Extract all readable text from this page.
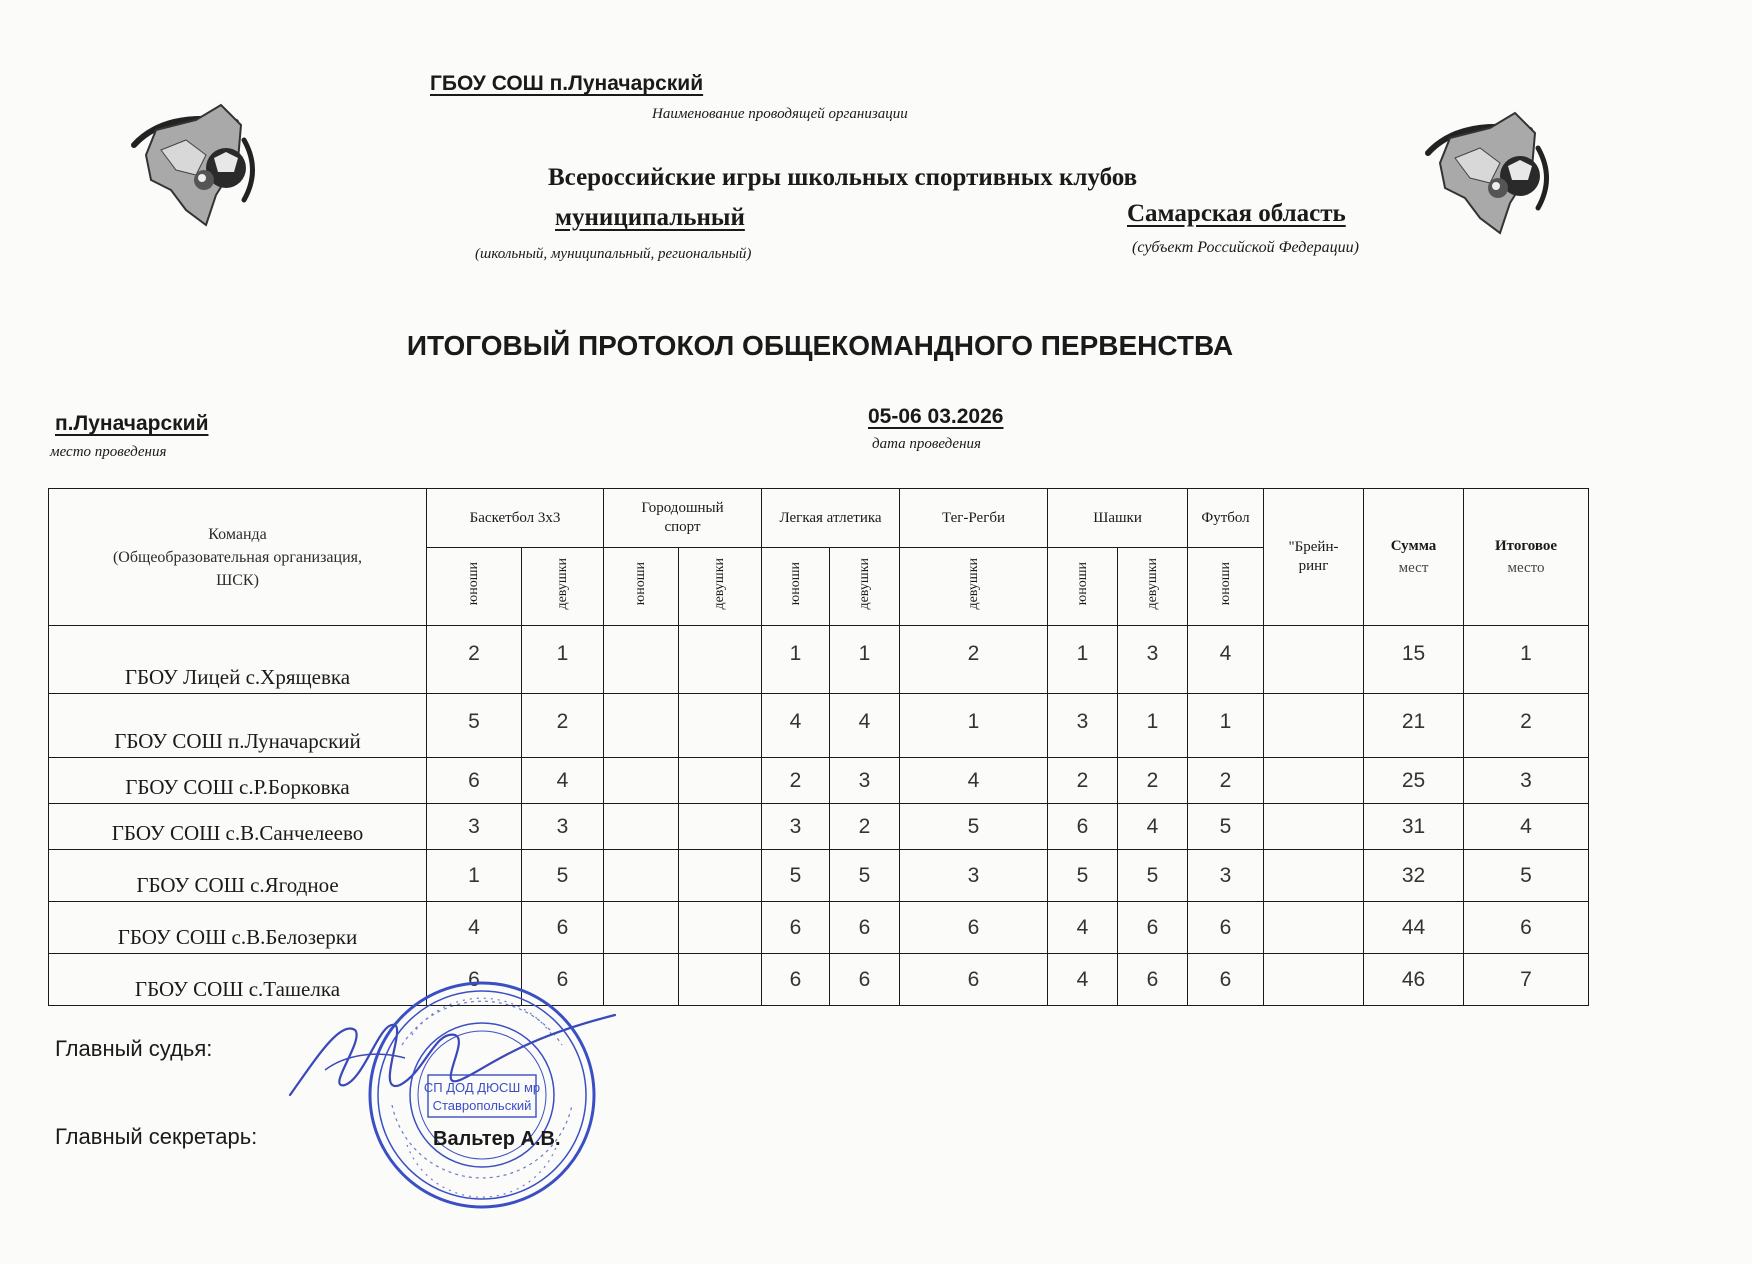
ГБОУ СОШ п.Луначарский
Наименование проводящей организации
Всероссийские игры школьных спортивных клубов
муниципальный
(школьный, муниципальный, региональный)
Самарская область
(субъект Российской Федерации)
ИТОГОВЫЙ ПРОТОКОЛ ОБЩЕКОМАНДНОГО ПЕРВЕНСТВА
п.Луначарский
место проведения
05-06 03.2026
дата проведения
Команда
(Общеобразовательная организация,
ШСК)	Баскетбол 3х3		Городошный
спорт		Легкая атлетика		Тег-Регби	Шашки		Футбол	"Брейн-
ринг	Сумма
мест	Итоговое
место
	юноши	девушки	юноши	девушки	юноши	девушки	девушки	юноши	девушки	юноши			
ГБОУ Лицей с.Хрящевка	2	1			1	1	2	1	3	4		15	1
ГБОУ СОШ п.Луначарский	5	2			4	4	1	3	1	1		21	2
ГБОУ СОШ с.Р.Борковка	6	4			2	3	4	2	2	2		25	3
ГБОУ СОШ с.В.Санчелеево	3	3			3	2	5	6	4	5		31	4
ГБОУ СОШ с.Ягодное	1	5			5	5	3	5	5	3		32	5
ГБОУ СОШ с.В.Белозерки	4	6			6	6	6	4	6	6		44	6
ГБОУ СОШ с.Ташелка	6	6			6	6	6	4	6	6		46	7
СП ДОД ДЮСШ мр
Ставропольский
Главный судья:
Главный секретарь:	Вальтер А.В.
